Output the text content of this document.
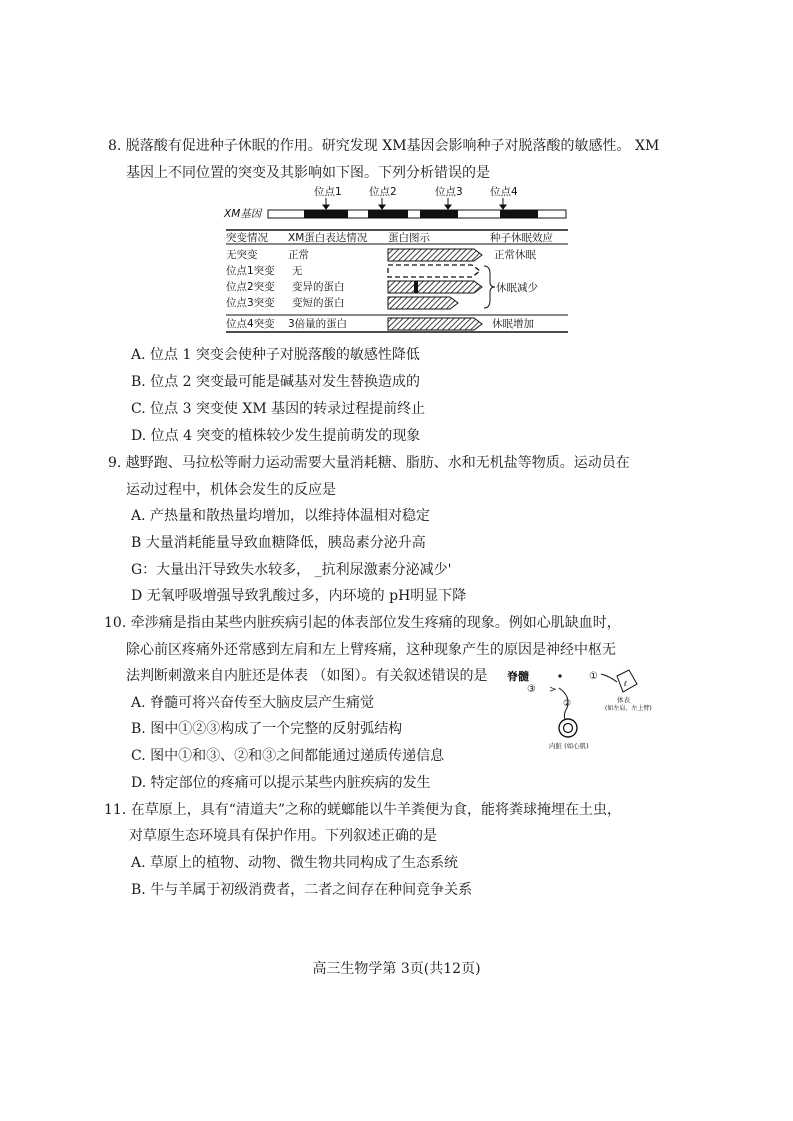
8. 脱落酸有促进种子休眠的作用。研究发现 XM基因会影响种子对脱落酸的敏感性。 XM
基因上不同位置的突变及其影响如下图。下列分析错误的是
位点1	位点2	位点3	位点4
XM基因
突变情况 XM蛋白表达情况 蛋白图示	种子休眠效应
无突变	正常	正常休眠
位点1突变 无
位点2突变 变异的蛋白
位点3突变 变短的蛋白
休眠减少
位点4突变 3倍量的蛋白	休眠增加
A. 位点 1 突变会使种子对脱落酸的敏感性降低
B. 位点 2 突变最可能是碱基对发生替换造成的
C. 位点 3 突变使 XM 基因的转录过程提前终止
D. 位点 4 突变的植株较少发生提前萌发的现象
9. 越野跑、马拉松等耐力运动需要大量消耗糖、脂肪、水和无机盐等物质。运动员在
运动过程中，机体会发生的反应是
A. 产热量和散热量均增加，以维持体温相对稳定
B 大量消耗能量导致血糖降低，胰岛素分泌升高
G：大量出汗导致失水较多， _抗利尿激素分泌减少'
D 无氧呼吸增强导致乳酸过多，内环境的 pH明显下降
10. 牵涉痛是指由某些内脏疾病引起的体表部位发生疼痛的现象。例如心肌缺血时，
除心前区疼痛外还常感到左肩和左上臂疼痛，这种现象产生的原因是神经中枢无
法判断刺激来自内脏还是体表 （如图）。有关叙述错误的是 脊髓
③ >
①
ℓ
体表
(如左肩、左上臂)
②
内脏 (如心肌)
A. 脊髓可将兴奋传至大脑皮层产生痛觉
B. 图中①②③构成了一个完整的反射弧结构
C. 图中①和③、②和③之间都能通过递质传递信息
D. 特定部位的疼痛可以提示某些内脏疾病的发生
11. 在草原上，具有“清道夫”之称的蜣螂能以牛羊粪便为食，能将粪球掩埋在土虫，
对草原生态环境具有保护作用。下列叙述正确的是
A. 草原上的植物、动物、微生物共同构成了生态系统
B. 牛与羊属于初级消费者，二者之间存在种间竞争关系
高三生物学第 3页(共12页)
